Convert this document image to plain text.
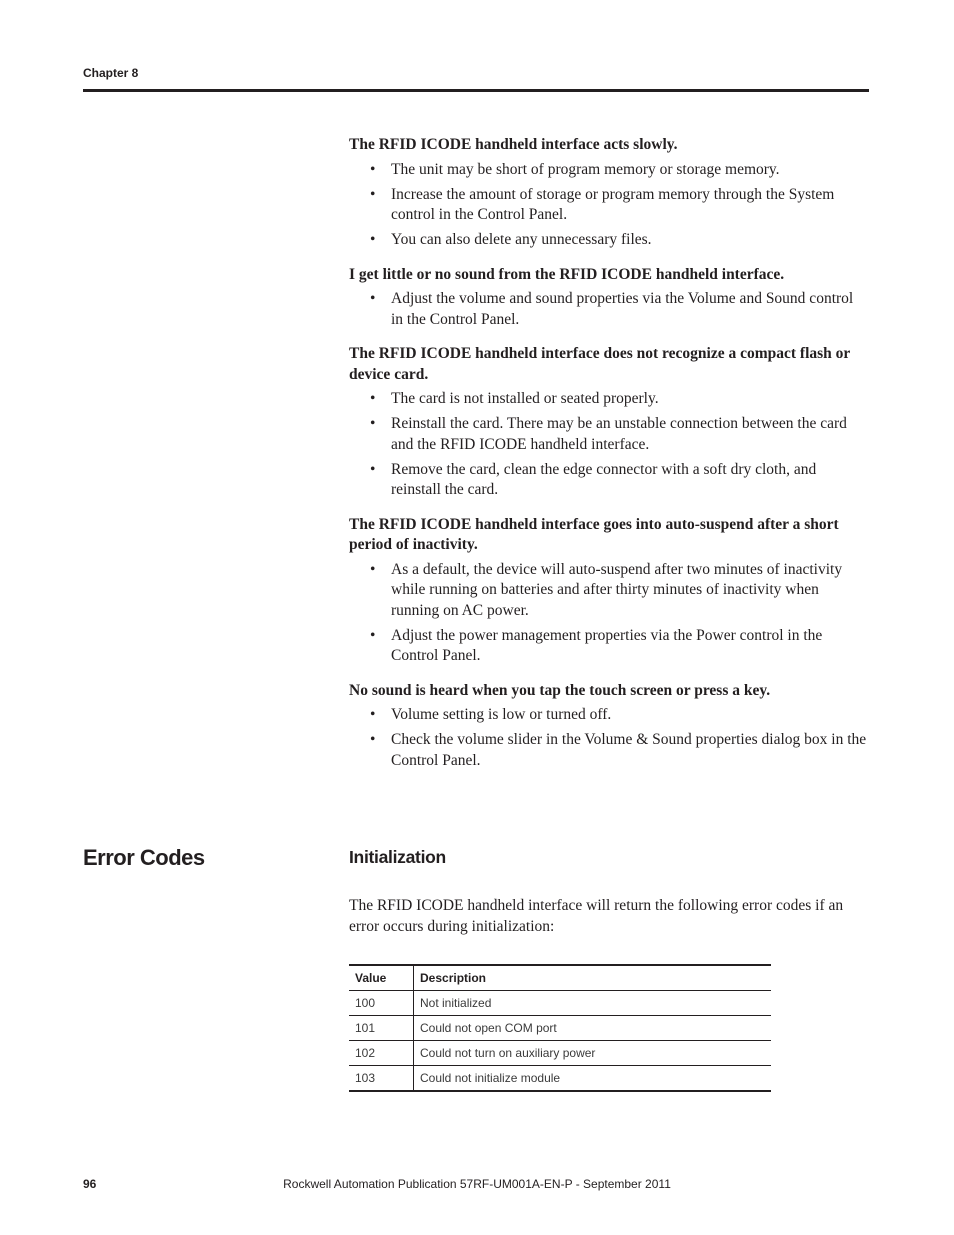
Chapter 8

The RFID ICODE handheld interface acts slowly.

• The unit may be short of program memory or storage memory.
• Increase the amount of storage or program memory through the System control in the Control Panel.
• You can also delete any unnecessary files.

I get little or no sound from the RFID ICODE handheld interface.

• Adjust the volume and sound properties via the Volume and Sound control in the Control Panel.

The RFID ICODE handheld interface does not recognize a compact flash or device card.

• The card is not installed or seated properly.
• Reinstall the card. There may be an unstable connection between the card and the RFID ICODE handheld interface.
• Remove the card, clean the edge connector with a soft dry cloth, and reinstall the card.

The RFID ICODE handheld interface goes into auto-suspend after a short period of inactivity.

• As a default, the device will auto-suspend after two minutes of inactivity while running on batteries and after thirty minutes of inactivity when running on AC power.
• Adjust the power management properties via the Power control in the Control Panel.

No sound is heard when you tap the touch screen or press a key.

• Volume setting is low or turned off.
• Check the volume slider in the Volume & Sound properties dialog box in the Control Panel.
Error Codes	Initialization
The RFID ICODE handheld interface will return the following error codes if an error occurs during initialization:
Value	Description
100	Not initialized
101	Could not open COM port
102	Could not turn on auxiliary power
103	Could not initialize module
96	Rockwell Automation Publication 57RF-UM001A-EN-P - September 2011
